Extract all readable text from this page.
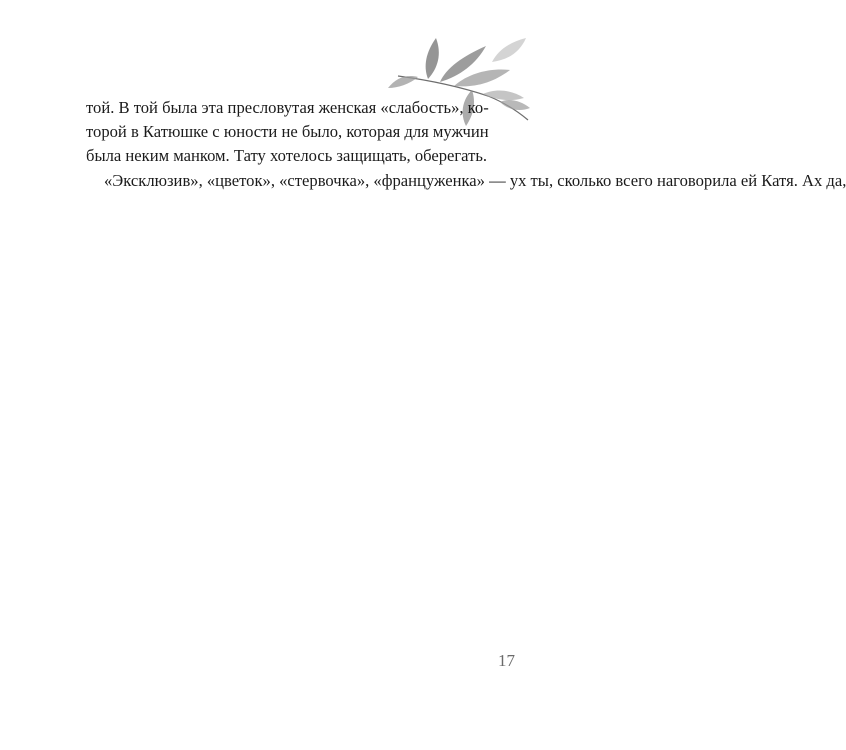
той. В той была эта пресловутая женская «слабость», ко-
торой в Катюшке с юности не было, которая для мужчин
была неким манком. Тату хотелось защищать, оберегать.
«Эксклюзив», «цветок», «стервочка», «француженка» — ух ты, сколько всего наговорила ей Катя. Ах да,
17
